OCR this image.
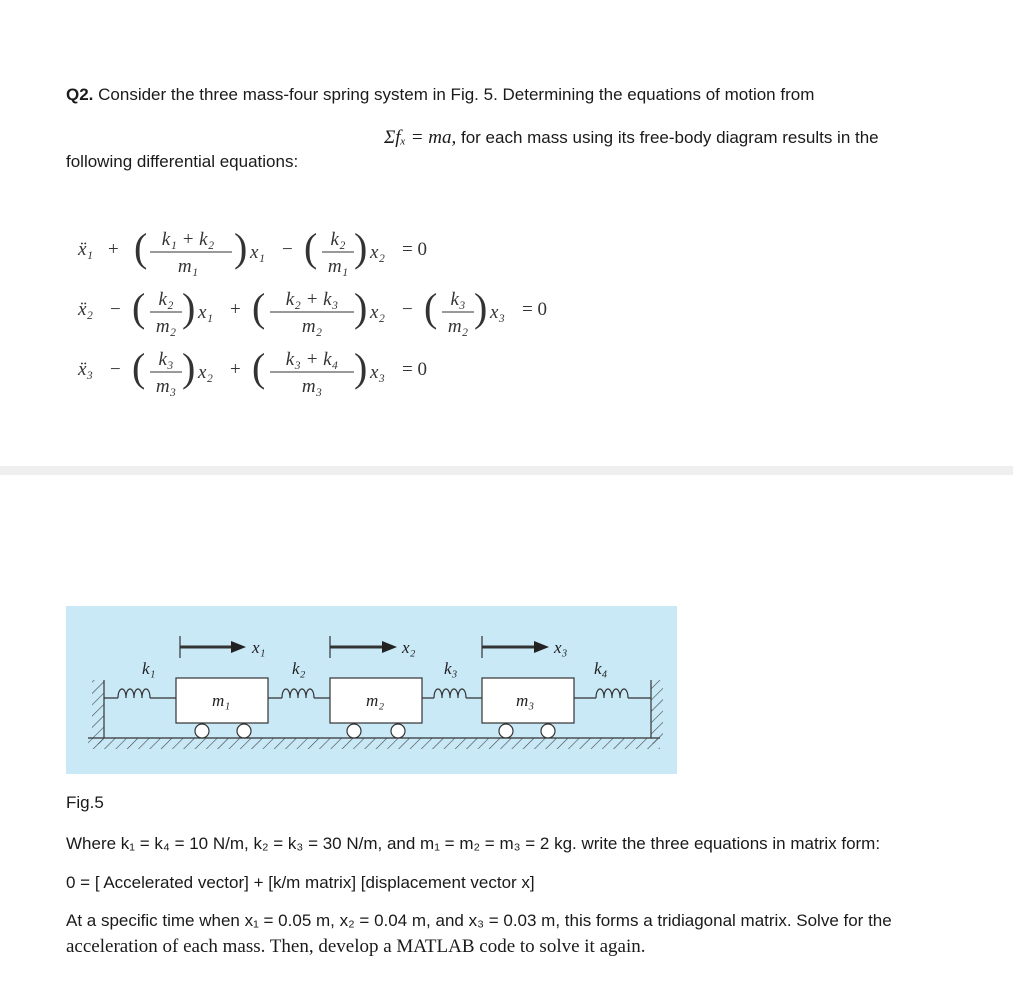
Q2. Consider the three mass-four spring system in Fig. 5. Determining the equations of motion from
Σfₓ = ma, for each mass using its free-body diagram results in the
following differential equations:
ẍ₁ + ( k₁ + k₂
m₁ ) x₁ − ( k₂
m₁ ) x₂ = 0
ẍ₂ − ( k₂
m₂ ) x₁ + ( k₂ + k₃
m₂ ) x₂ − ( k₃
m₂ ) x₃ = 0
ẍ₃ − ( k₃
m₃ ) x₂ + ( k₃ + k₄
m₃ ) x₃ = 0
x₁	x₂	x₃
k₁	k₂	k₃	k₄
m₁	m₂	m₃
Fig.5
Where k₁ = k₄ = 10 N/m, k₂ = k₃ = 30 N/m, and m₁ = m₂ = m₃ = 2 kg. write the three equations in matrix form:
0 = [ Accelerated vector] + [k/m matrix] [displacement vector x]
At a specific time when x₁ = 0.05 m, x₂ = 0.04 m, and x₃ = 0.03 m, this forms a tridiagonal matrix. Solve for the
acceleration of each mass. Then, develop a MATLAB code to solve it again.
